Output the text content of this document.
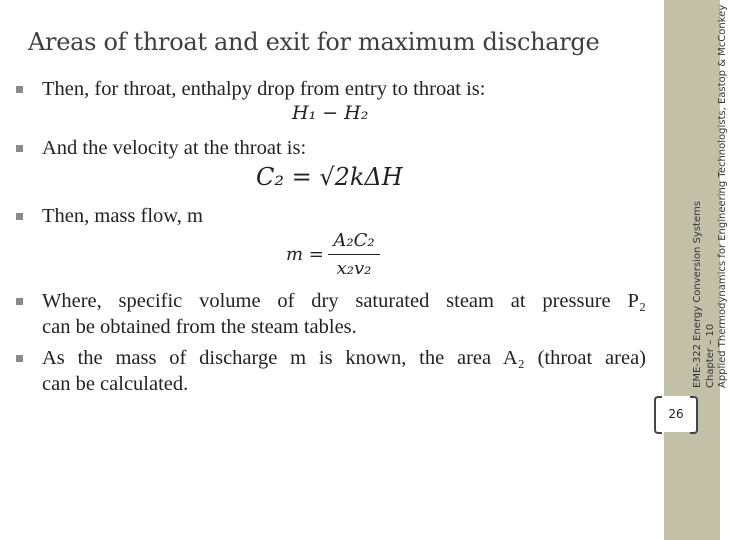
Areas of throat and exit for maximum discharge
Then, for throat, enthalpy drop from entry to throat is:
H₁ − H₂
And the velocity at the throat is:
C₂ = √2kΔH
Then, mass flow, m
m =
A₂C₂
x₂v₂
Where, specific volume of dry saturated steam at pressure P₂
can be obtained from the steam tables.
As the mass of discharge m is known, the area A₂ (throat area)
can be calculated.	EME-322 Energy Conversion Systems Chapter – 10 Applied Thermodynamics for Engineering Technologists, Eastop & McConkey
26
